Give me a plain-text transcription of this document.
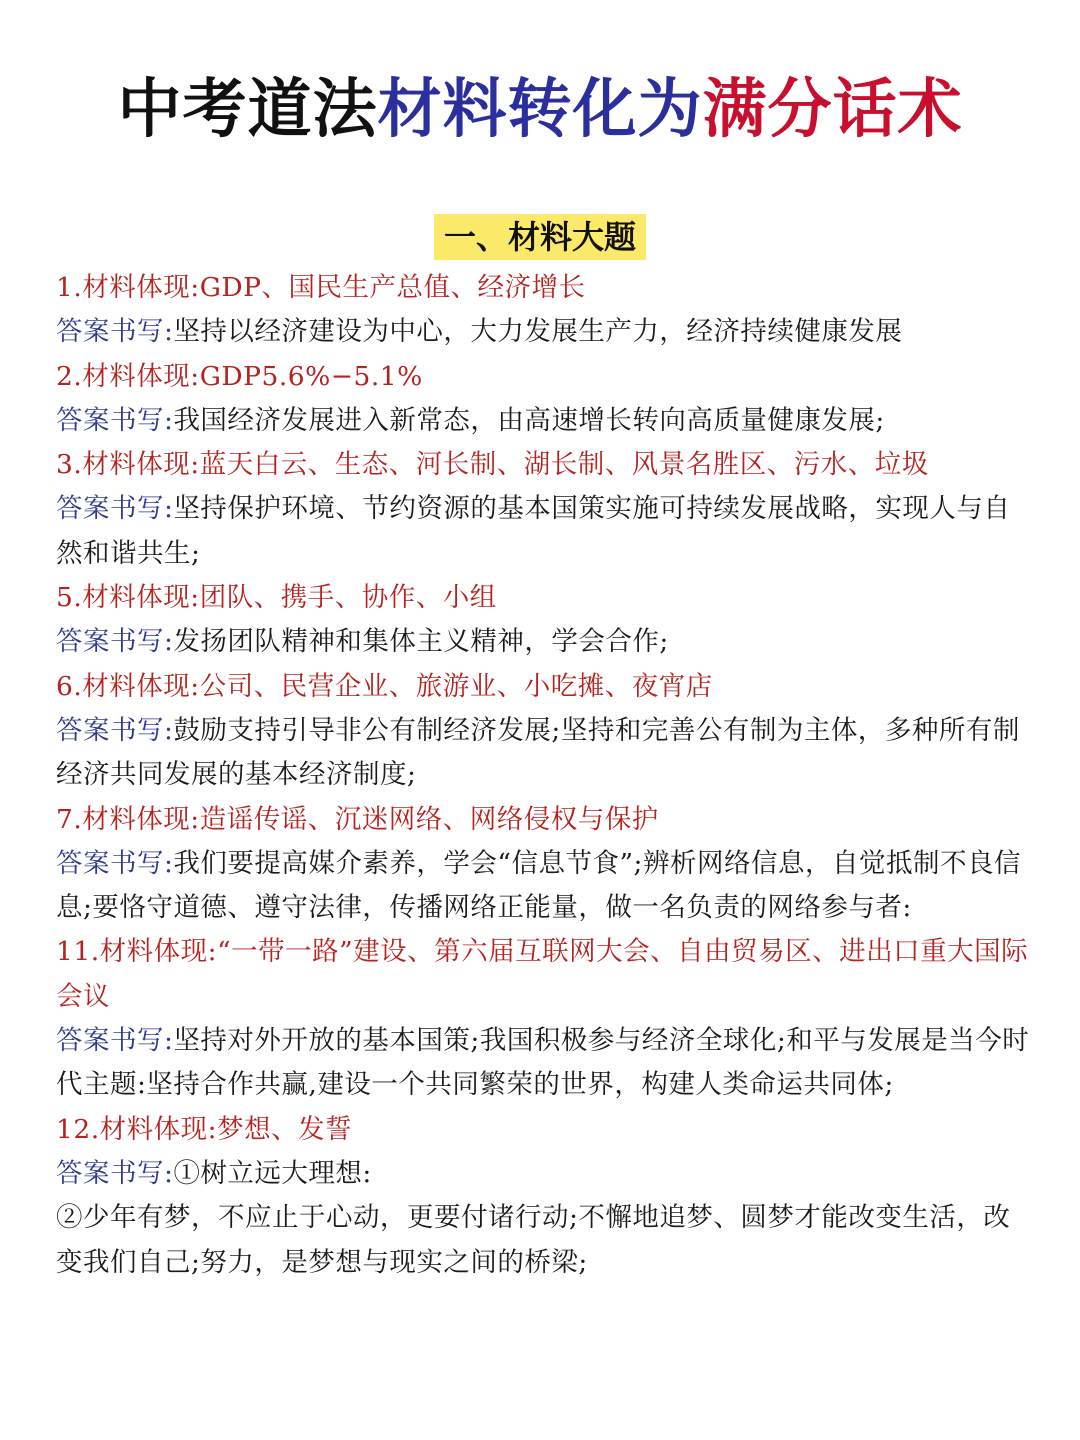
中考道法材料转化为满分话术
一、材料大题

1.材料体现:GDP、国民生产总值、经济增长

答案书写:坚持以经济建设为中心，大力发展生产力，经济持续健康发展

2.材料体现:GDP5.6%−5.1%

答案书写:我国经济发展进入新常态，由高速增长转向高质量健康发展;

3.材料体现:蓝天白云、生态、河长制、湖长制、风景名胜区、污水、垃圾

答案书写:坚持保护环境、节约资源的基本国策实施可持续发展战略，实现人与自然和谐共生;

5.材料体现:团队、携手、协作、小组

答案书写:发扬团队精神和集体主义精神，学会合作;

6.材料体现:公司、民营企业、旅游业、小吃摊、夜宵店

答案书写:鼓励支持引导非公有制经济发展;坚持和完善公有制为主体，多种所有制经济共同发展的基本经济制度;

7.材料体现:造谣传谣、沉迷网络、网络侵权与保护

答案书写:我们要提高媒介素养，学会“信息节食”;辨析网络信息，自觉抵制不良信息;要恪守道德、遵守法律，传播网络正能量，做一名负责的网络参与者:

11.材料体现:“一带一路”建设、第六届互联网大会、自由贸易区、进出口重大国际会议

答案书写:坚持对外开放的基本国策;我国积极参与经济全球化;和平与发展是当今时代主题:坚持合作共赢,建设一个共同繁荣的世界，构建人类命运共同体;

12.材料体现:梦想、发誓

答案书写:①树立远大理想:

②少年有梦，不应止于心动，更要付诸行动;不懈地追梦、圆梦才能改变生活，改变我们自己;努力，是梦想与现实之间的桥梁;
